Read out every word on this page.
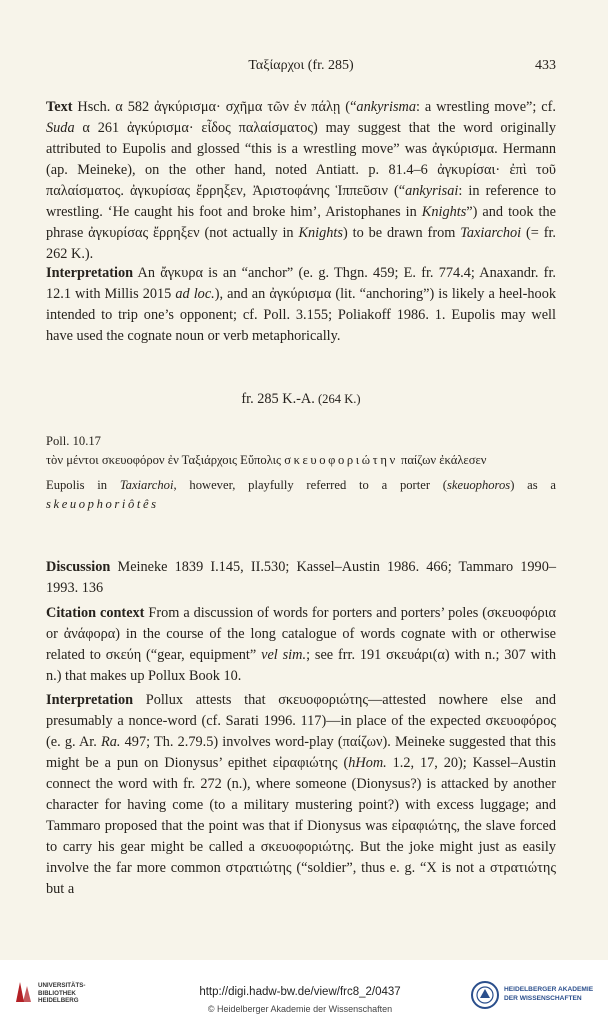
Ταξίαρχοι (fr. 285)	433

Text Hsch. α 582 ἀγκύρισμα· σχῆμα τῶν ἐν πάλῃ (“ankyrisma: a wrestling move”; cf. Suda α 261 ἀγκύρισμα· εἶδος παλαίσματος) may suggest that the word originally attributed to Eupolis and glossed “this is a wrestling move” was ἀγκύρισμα. Hermann (ap. Meineke), on the other hand, noted Antiatt. p. 81.4–6 ἀγκυρίσαι· ἐπὶ τοῦ παλαίσματος. ἀγκυρίσας ἔρρηξεν, Ἀριστοφάνης Ἱππεῦσιν (“ankyrisai: in reference to wrestling. ‘He caught his foot and broke him’, Aristophanes in Knights”) and took the phrase ἀγκυρίσας ἔρρηξεν (not actually in Knights) to be drawn from Taxiarchoi (= fr. 262 K.).

Interpretation An ἄγκυρα is an “anchor” (e. g. Thgn. 459; E. fr. 774.4; Anaxandr. fr. 12.1 with Millis 2015 ad loc.), and an ἀγκύρισμα (lit. “anchoring”) is likely a heel-hook intended to trip one’s opponent; cf. Poll. 3.155; Poliakoff 1986. 1. Eupolis may well have used the cognate noun or verb metaphorically.

fr. 285 K.-A. (264 K.)

Poll. 10.17

τὸν μέντοι σκευοφόρον ἐν Ταξιάρχοις Εὔπολις σκευοφοριώτην παίζων ἐκάλεσεν

Eupolis in Taxiarchoi, however, playfully referred to a porter (skeuophoros) as a skeuophoriôtês

Discussion Meineke 1839 I.145, II.530; Kassel–Austin 1986. 466; Tammaro 1990–1993. 136

Citation context From a discussion of words for porters and porters’ poles (σκευοφόρια or ἀνάφορα) in the course of the long catalogue of words cognate with or otherwise related to σκεύη (“gear, equipment” vel sim.; see frr. 191 σκευάρι(α) with n.; 307 with n.) that makes up Pollux Book 10.

Interpretation Pollux attests that σκευοφοριώτης—attested nowhere else and presumably a nonce-word (cf. Sarati 1996. 117)—in place of the expected σκευοφόρος (e. g. Ar. Ra. 497; Th. 2.79.5) involves word-play (παίζων). Meineke suggested that this might be a pun on Dionysus’ epithet εἰραφιώτης (hHom. 1.2, 17, 20); Kassel–Austin connect the word with fr. 272 (n.), where someone (Dionysus?) is attacked by another character for having come (to a military mustering point?) with excess luggage; and Tammaro proposed that the point was that if Dionysus was εἰραφιώτης, the slave forced to carry his gear might be called a σκευοφοριώτης. But the joke might just as easily involve the far more common στρατιώτης (“soldier”, thus e. g. “X is not a στρατιώτης but a

UNIVERSITÄTS-
BIBLIOTHEK
HEIDELBERG
http://digi.hadw-bw.de/view/frc8_2/0437
© Heidelberger Akademie der Wissenschaften
HEIDELBERGER AKADEMIE
DER WISSENSCHAFTEN
